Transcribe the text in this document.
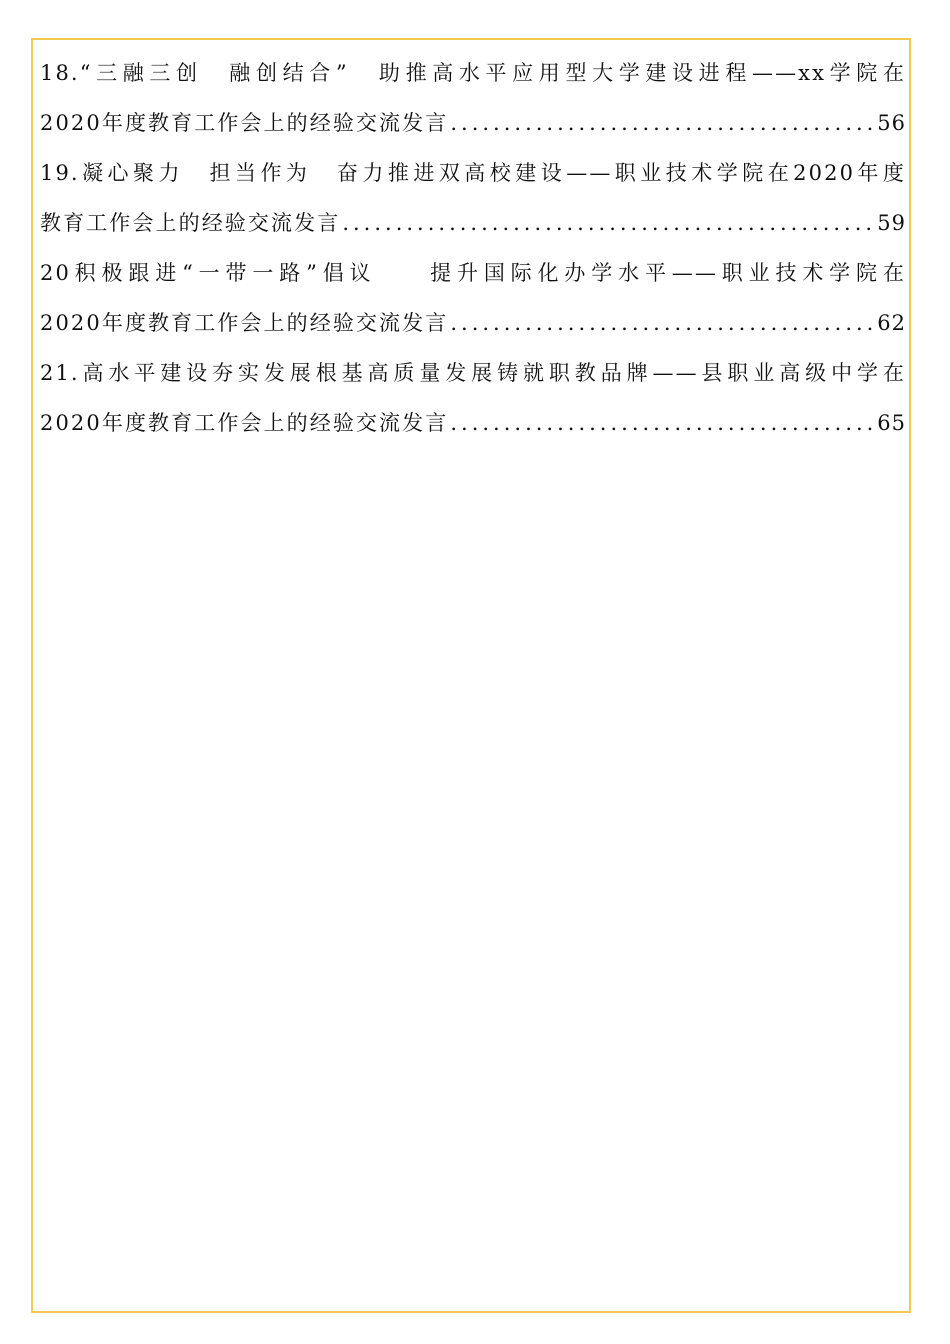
18.“三融三创　融创结合”　助推高水平应用型大学建设进程——xx学院在
2020年度教育工作会上的经验交流发言 .....	56
19.凝心聚力　担当作为　奋力推进双高校建设——职业技术学院在2020年度
教育工作会上的经验交流发言 .....	59
20积极跟进“一带一路”倡议　　提升国际化办学水平——职业技术学院在
2020年度教育工作会上的经验交流发言 .....	62
21.高水平建设夯实发展根基高质量发展铸就职教品牌——县职业高级中学在
2020年度教育工作会上的经验交流发言 .....	65
